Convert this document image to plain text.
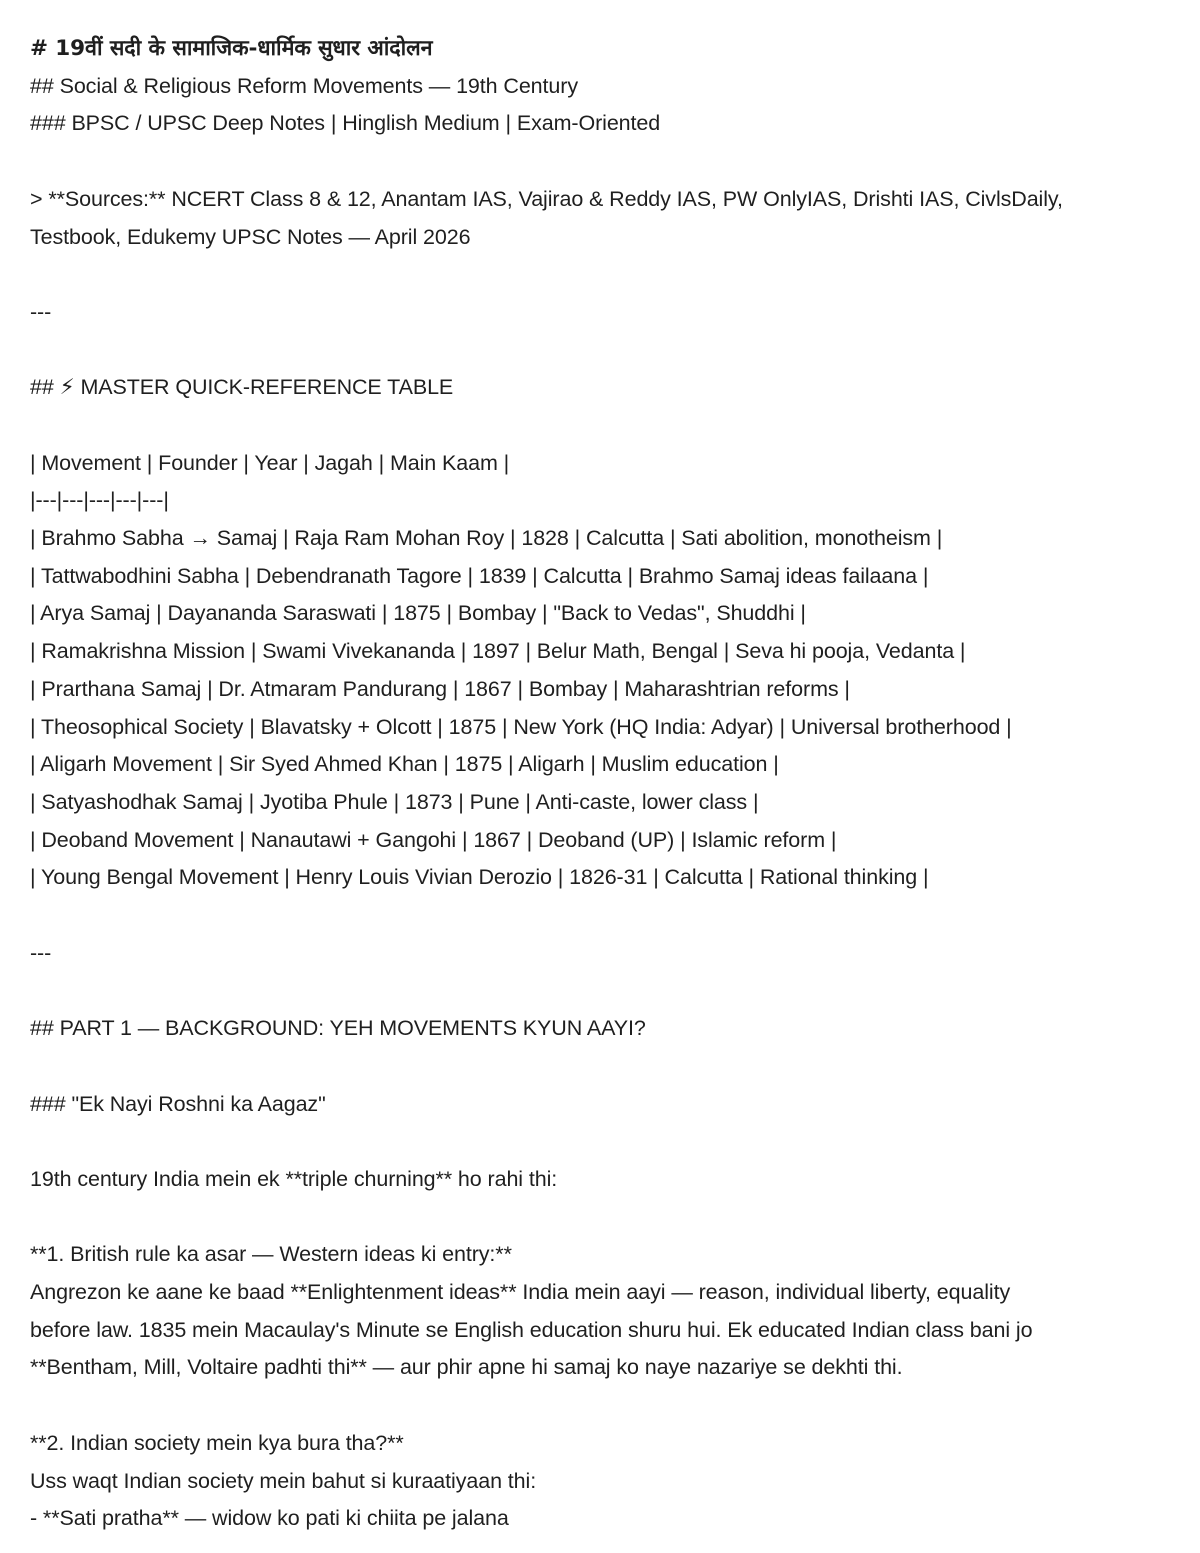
# 19वीं सदी के सामाजिक-धार्मिक सुधार आंदोलन
## Social & Religious Reform Movements — 19th Century
### BPSC / UPSC Deep Notes | Hinglish Medium | Exam-Oriented
> **Sources:** NCERT Class 8 & 12, Anantam IAS, Vajirao & Reddy IAS, PW OnlyIAS, Drishti IAS, CivlsDaily,
Testbook, Edukemy UPSC Notes — April 2026
---
## ⚡ MASTER QUICK-REFERENCE TABLE
| Movement | Founder | Year | Jagah | Main Kaam |
|---|---|---|---|---|
| Brahmo Sabha → Samaj | Raja Ram Mohan Roy | 1828 | Calcutta | Sati abolition, monotheism |
| Tattwabodhini Sabha | Debendranath Tagore | 1839 | Calcutta | Brahmo Samaj ideas failaana |
| Arya Samaj | Dayananda Saraswati | 1875 | Bombay | "Back to Vedas", Shuddhi |
| Ramakrishna Mission | Swami Vivekananda | 1897 | Belur Math, Bengal | Seva hi pooja, Vedanta |
| Prarthana Samaj | Dr. Atmaram Pandurang | 1867 | Bombay | Maharashtrian reforms |
| Theosophical Society | Blavatsky + Olcott | 1875 | New York (HQ India: Adyar) | Universal brotherhood |
| Aligarh Movement | Sir Syed Ahmed Khan | 1875 | Aligarh | Muslim education |
| Satyashodhak Samaj | Jyotiba Phule | 1873 | Pune | Anti-caste, lower class |
| Deoband Movement | Nanautawi + Gangohi | 1867 | Deoband (UP) | Islamic reform |
| Young Bengal Movement | Henry Louis Vivian Derozio | 1826-31 | Calcutta | Rational thinking |
---
## PART 1 — BACKGROUND: YEH MOVEMENTS KYUN AAYI?
### "Ek Nayi Roshni ka Aagaz"
19th century India mein ek **triple churning** ho rahi thi:
**1. British rule ka asar — Western ideas ki entry:**
Angrezon ke aane ke baad **Enlightenment ideas** India mein aayi — reason, individual liberty, equality
before law. 1835 mein Macaulay's Minute se English education shuru hui. Ek educated Indian class bani jo
**Bentham, Mill, Voltaire padhti thi** — aur phir apne hi samaj ko naye nazariye se dekhti thi.
**2. Indian society mein kya bura tha?**
Uss waqt Indian society mein bahut si kuraatiyaan thi:
- **Sati pratha** — widow ko pati ki chiita pe jalana
